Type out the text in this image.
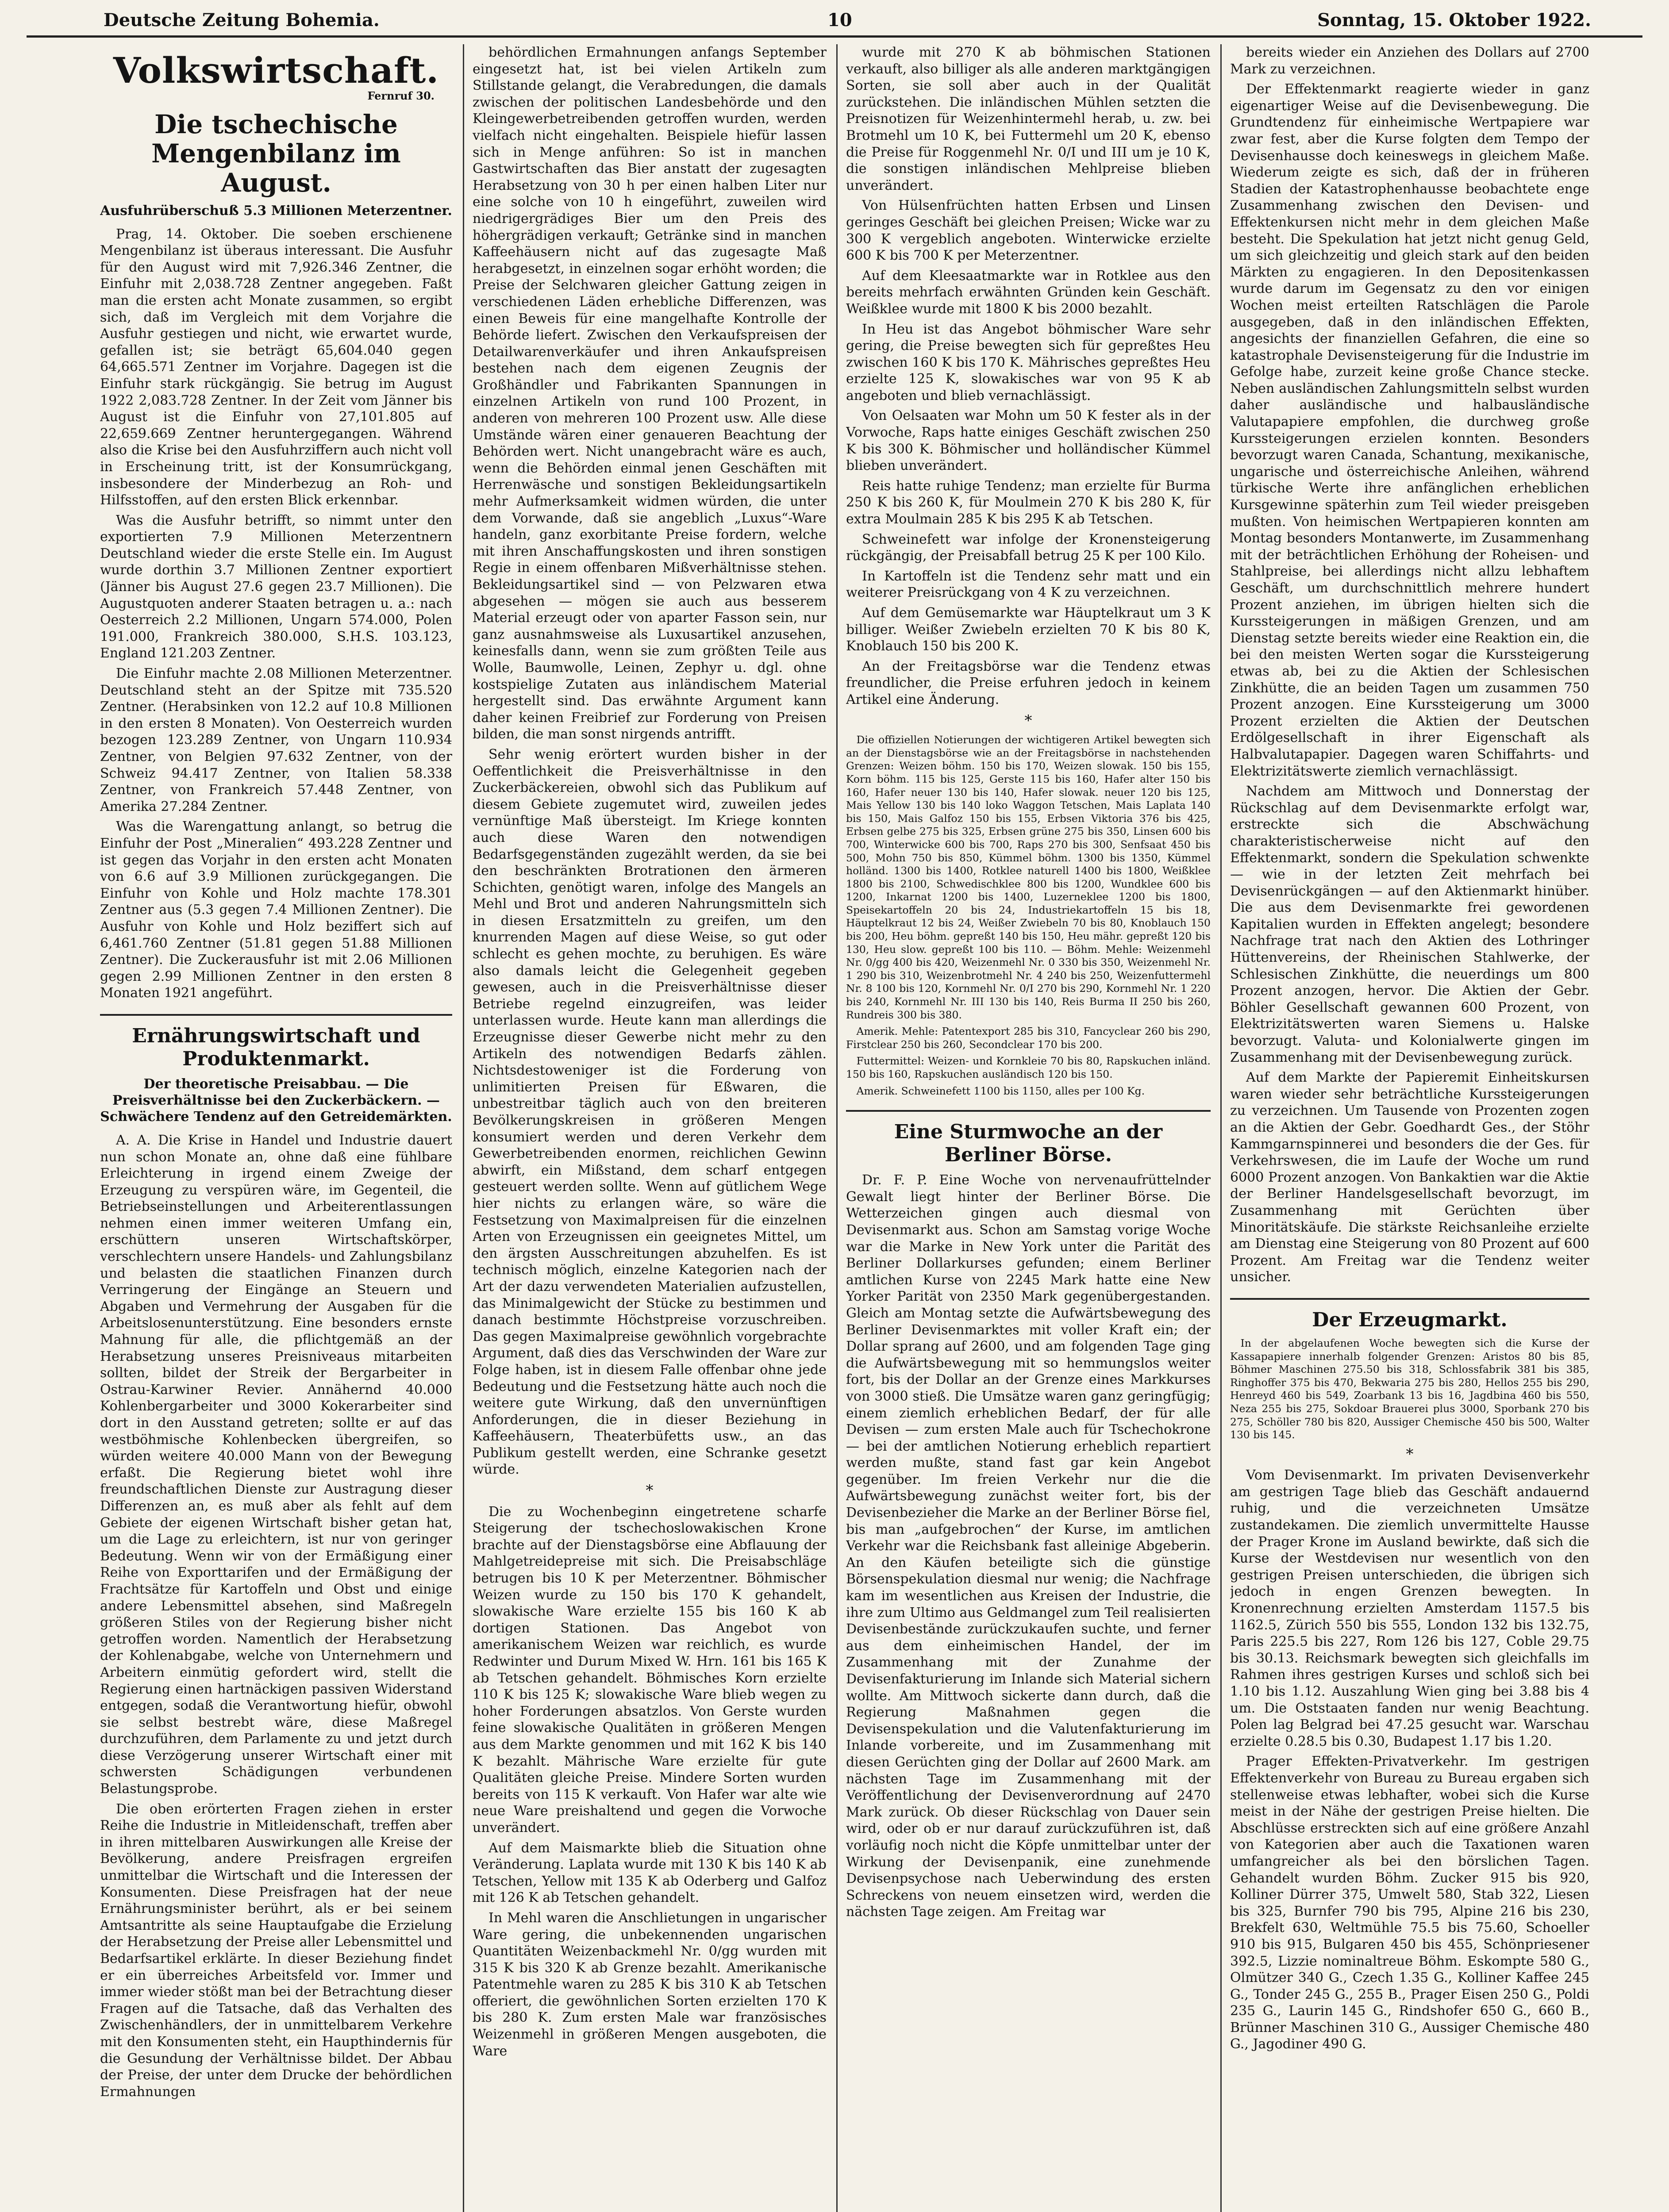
Deutsche Zeitung Bohemia.	10	Sonntag, 15. Oktober 1922.
Volkswirtschaft.
Fernruf 30.
Die tschechische Mengenbilanz im August.
Ausfuhrüberschuß 5.3 Millionen Meterzentner.

Prag, 14. Oktober. Die soeben erschienene Mengenbilanz ist überaus interessant. Die Ausfuhr für den August wird mit 7,926.346 Zentner, die Einfuhr mit 2,038.728 Zentner angegeben. Faßt man die ersten acht Monate zusammen, so ergibt sich, daß im Vergleich mit dem Vorjahre die Ausfuhr gestiegen und nicht, wie erwartet wurde, gefallen ist; sie beträgt 65,604.040 gegen 64,665.571 Zentner im Vorjahre. Dagegen ist die Einfuhr stark rückgängig. Sie betrug im August 1922 2,083.728 Zentner. In der Zeit vom Jänner bis August ist die Einfuhr von 27,101.805 auf 22,659.669 Zentner heruntergegangen. Während also die Krise bei den Ausfuhrziffern auch nicht voll in Erscheinung tritt, ist der Konsumrückgang, insbesondere der Minderbezug an Roh- und Hilfsstoffen, auf den ersten Blick erkennbar.

Was die Ausfuhr betrifft, so nimmt unter den exportierten 7.9 Millionen Meterzentnern Deutschland wieder die erste Stelle ein. Im August wurde dorthin 3.7 Millionen Zentner exportiert (Jänner bis August 27.6 gegen 23.7 Millionen). Die Augustquoten anderer Staaten betragen u. a.: nach Oesterreich 2.2 Millionen, Ungarn 574.000, Polen 191.000, Frankreich 380.000, S.H.S. 103.123, England 121.203 Zentner.

Die Einfuhr machte 2.08 Millionen Meterzentner. Deutschland steht an der Spitze mit 735.520 Zentner. (Herabsinken von 12.2 auf 10.8 Millionen in den ersten 8 Monaten). Von Oesterreich wurden bezogen 123.289 Zentner, von Ungarn 110.934 Zentner, von Belgien 97.632 Zentner, von der Schweiz 94.417 Zentner, von Italien 58.338 Zentner, von Frankreich 57.448 Zentner, von Amerika 27.284 Zentner.

Was die Warengattung anlangt, so betrug die Einfuhr der Post „Mineralien“ 493.228 Zentner und ist gegen das Vorjahr in den ersten acht Monaten von 6.6 auf 3.9 Millionen zurückgegangen. Die Einfuhr von Kohle und Holz machte 178.301 Zentner aus (5.3 gegen 7.4 Millionen Zentner). Die Ausfuhr von Kohle und Holz beziffert sich auf 6,461.760 Zentner (51.81 gegen 51.88 Millionen Zentner). Die Zuckerausfuhr ist mit 2.06 Millionen gegen 2.99 Millionen Zentner in den ersten 8 Monaten 1921 angeführt.

Ernährungswirtschaft und Produktenmarkt.
Der theoretische Preisabbau. — Die Preisverhältnisse bei den Zuckerbäckern. — Schwächere Tendenz auf den Getreidemärkten.

A. A. Die Krise in Handel und Industrie dauert nun schon Monate an, ohne daß eine fühlbare Erleichterung in irgend einem Zweige der Erzeugung zu verspüren wäre, im Gegenteil, die Betriebseinstellungen und Arbeiterentlassungen nehmen einen immer weiteren Umfang ein, erschüttern unseren Wirtschaftskörper, verschlechtern unsere Handels- und Zahlungsbilanz und belasten die staatlichen Finanzen durch Verringerung der Eingänge an Steuern und Abgaben und Vermehrung der Ausgaben für die Arbeitslosenunterstützung. Eine besonders ernste Mahnung für alle, die pflichtgemäß an der Herabsetzung unseres Preisniveaus mitarbeiten sollten, bildet der Streik der Bergarbeiter in Ostrau-Karwiner Revier. Annähernd 40.000 Kohlenbergarbeiter und 3000 Kokerarbeiter sind dort in den Ausstand getreten; sollte er auf das westböhmische Kohlenbecken übergreifen, so würden weitere 40.000 Mann von der Bewegung erfaßt. Die Regierung bietet wohl ihre freundschaftlichen Dienste zur Austragung dieser Differenzen an, es muß aber als fehlt auf dem Gebiete der eigenen Wirtschaft bisher getan hat, um die Lage zu erleichtern, ist nur von geringer Bedeutung. Wenn wir von der Ermäßigung einer Reihe von Exporttarifen und der Ermäßigung der Frachtsätze für Kartoffeln und Obst und einige andere Lebensmittel absehen, sind Maßregeln größeren Stiles von der Regierung bisher nicht getroffen worden. Namentlich der Herabsetzung der Kohlenabgabe, welche von Unternehmern und Arbeitern einmütig gefordert wird, stellt die Regierung einen hartnäckigen passiven Widerstand entgegen, sodaß die Verantwortung hiefür, obwohl sie selbst bestrebt wäre, diese Maßregel durchzuführen, dem Parlamente zu und jetzt durch diese Verzögerung unserer Wirtschaft einer mit schwersten Schädigungen verbundenen Belastungsprobe.

Die oben erörterten Fragen ziehen in erster Reihe die Industrie in Mitleidenschaft, treffen aber in ihren mittelbaren Auswirkungen alle Kreise der Bevölkerung, andere Preisfragen ergreifen unmittelbar die Wirtschaft und die Interessen der Konsumenten. Diese Preisfragen hat der neue Ernährungsminister berührt, als er bei seinem Amtsantritte als seine Hauptaufgabe die Erzielung der Herabsetzung der Preise aller Lebensmittel und Bedarfsartikel erklärte. In dieser Beziehung findet er ein überreiches Arbeitsfeld vor. Immer und immer wieder stößt man bei der Betrachtung dieser Fragen auf die Tatsache, daß das Verhalten des Zwischenhändlers, der in unmittelbarem Verkehre mit den Konsumenten steht, ein Haupthindernis für die Gesundung der Verhältnisse bildet. Der Abbau der Preise, der unter dem Drucke der behördlichen Ermahnungen

behördlichen Ermahnungen anfangs September eingesetzt hat, ist bei vielen Artikeln zum Stillstande gelangt, die Verabredungen, die damals zwischen der politischen Landesbehörde und den Kleingewerbetreibenden getroffen wurden, werden vielfach nicht eingehalten. Beispiele hiefür lassen sich in Menge anführen: So ist in manchen Gastwirtschaften das Bier anstatt der zugesagten Herabsetzung von 30 h per einen halben Liter nur eine solche von 10 h eingeführt, zuweilen wird niedrigergrädiges Bier um den Preis des höhergrädigen verkauft; Getränke sind in manchen Kaffeehäusern nicht auf das zugesagte Maß herabgesetzt, in einzelnen sogar erhöht worden; die Preise der Selchwaren gleicher Gattung zeigen in verschiedenen Läden erhebliche Differenzen, was einen Beweis für eine mangelhafte Kontrolle der Behörde liefert. Zwischen den Verkaufspreisen der Detailwarenverkäufer und ihren Ankaufspreisen bestehen nach dem eigenen Zeugnis der Großhändler und Fabrikanten Spannungen in einzelnen Artikeln von rund 100 Prozent, in anderen von mehreren 100 Prozent usw. Alle diese Umstände wären einer genaueren Beachtung der Behörden wert. Nicht unangebracht wäre es auch, wenn die Behörden einmal jenen Geschäften mit Herrenwäsche und sonstigen Bekleidungsartikeln mehr Aufmerksamkeit widmen würden, die unter dem Vorwande, daß sie angeblich „Luxus“-Ware handeln, ganz exorbitante Preise fordern, welche mit ihren Anschaffungskosten und ihren sonstigen Regie in einem offenbaren Mißverhältnisse stehen. Bekleidungsartikel sind — von Pelzwaren etwa abgesehen — mögen sie auch aus besserem Material erzeugt oder von aparter Fasson sein, nur ganz ausnahmsweise als Luxusartikel anzusehen, keinesfalls dann, wenn sie zum größten Teile aus Wolle, Baumwolle, Leinen, Zephyr u. dgl. ohne kostspielige Zutaten aus inländischem Material hergestellt sind. Das erwähnte Argument kann daher keinen Freibrief zur Forderung von Preisen bilden, die man sonst nirgends antrifft.

Sehr wenig erörtert wurden bisher in der Oeffentlichkeit die Preisverhältnisse in den Zuckerbäckereien, obwohl sich das Publikum auf diesem Gebiete zugemutet wird, zuweilen jedes vernünftige Maß übersteigt. Im Kriege konnten auch diese Waren den notwendigen Bedarfsgegenständen zugezählt werden, da sie bei den beschränkten Brotrationen den ärmeren Schichten, genötigt waren, infolge des Mangels an Mehl und Brot und anderen Nahrungsmitteln sich in diesen Ersatzmitteln zu greifen, um den knurrenden Magen auf diese Weise, so gut oder schlecht es gehen mochte, zu beruhigen. Es wäre also damals leicht die Gelegenheit gegeben gewesen, auch in die Preisverhältnisse dieser Betriebe regelnd einzugreifen, was leider unterlassen wurde. Heute kann man allerdings die Erzeugnisse dieser Gewerbe nicht mehr zu den Artikeln des notwendigen Bedarfs zählen. Nichtsdestoweniger ist die Forderung von unlimitierten Preisen für Eßwaren, die unbestreitbar täglich auch von den breiteren Bevölkerungskreisen in größeren Mengen konsumiert werden und deren Verkehr dem Gewerbetreibenden enormen, reichlichen Gewinn abwirft, ein Mißstand, dem scharf entgegen gesteuert werden sollte. Wenn auf gütlichem Wege hier nichts zu erlangen wäre, so wäre die Festsetzung von Maximalpreisen für die einzelnen Arten von Erzeugnissen ein geeignetes Mittel, um den ärgsten Ausschreitungen abzuhelfen. Es ist technisch möglich, einzelne Kategorien nach der Art der dazu verwendeten Materialien aufzustellen, das Minimalgewicht der Stücke zu bestimmen und danach bestimmte Höchstpreise vorzuschreiben. Das gegen Maximalpreise gewöhnlich vorgebrachte Argument, daß dies das Verschwinden der Ware zur Folge haben, ist in diesem Falle offenbar ohne jede Bedeutung und die Festsetzung hätte auch noch die weitere gute Wirkung, daß den unvernünftigen Anforderungen, die in dieser Beziehung in Kaffeehäusern, Theaterbüfetts usw., an das Publikum gestellt werden, eine Schranke gesetzt würde.

*

Die zu Wochenbeginn eingetretene scharfe Steigerung der tschechoslowakischen Krone brachte auf der Dienstagsbörse eine Abflauung der Mahlgetreidepreise mit sich. Die Preisabschläge betrugen bis 10 K per Meterzentner. Böhmischer Weizen wurde zu 150 bis 170 K gehandelt, slowakische Ware erzielte 155 bis 160 K ab dortigen Stationen. Das Angebot von amerikanischem Weizen war reichlich, es wurde Redwinter und Durum Mixed W. Hrn. 161 bis 165 K ab Tetschen gehandelt. Böhmisches Korn erzielte 110 K bis 125 K; slowakische Ware blieb wegen zu hoher Forderungen absatzlos. Von Gerste wurden feine slowakische Qualitäten in größeren Mengen aus dem Markte genommen und mit 162 K bis 140 K bezahlt. Mährische Ware erzielte für gute Qualitäten gleiche Preise. Mindere Sorten wurden bereits von 115 K verkauft. Von Hafer war alte wie neue Ware preishaltend und gegen die Vorwoche unverändert.

Auf dem Maismarkte blieb die Situation ohne Veränderung. Laplata wurde mit 130 K bis 140 K ab Tetschen, Yellow mit 135 K ab Oderberg und Galfoz mit 126 K ab Tetschen gehandelt.

In Mehl waren die Anschlietungen in ungarischer Ware gering, die unbekennenden ungarischen Quantitäten Weizenbackmehl Nr. 0/gg wurden mit 315 K bis 320 K ab Grenze bezahlt. Amerikanische Patentmehle waren zu 285 K bis 310 K ab Tetschen offeriert, die gewöhnlichen Sorten erzielten 170 K bis 280 K. Zum ersten Male war französisches Weizenmehl in größeren Mengen ausgeboten, die Ware

wurde mit 270 K ab böhmischen Stationen verkauft, also billiger als alle anderen marktgängigen Sorten, sie soll aber auch in der Qualität zurückstehen. Die inländischen Mühlen setzten die Preisnotizen für Weizenhintermehl herab, u. zw. bei Brotmehl um 10 K, bei Futtermehl um 20 K, ebenso die Preise für Roggenmehl Nr. 0/I und III um je 10 K, die sonstigen inländischen Mehlpreise blieben unverändert.

Von Hülsenfrüchten hatten Erbsen und Linsen geringes Geschäft bei gleichen Preisen; Wicke war zu 300 K vergeblich angeboten. Winterwicke erzielte 600 K bis 700 K per Meterzentner.

Auf dem Kleesaatmarkte war in Rotklee aus den bereits mehrfach erwähnten Gründen kein Geschäft. Weißklee wurde mit 1800 K bis 2000 bezahlt.

In Heu ist das Angebot böhmischer Ware sehr gering, die Preise bewegten sich für gepreßtes Heu zwischen 160 K bis 170 K. Mährisches gepreßtes Heu erzielte 125 K, slowakisches war von 95 K ab angeboten und blieb vernachlässigt.

Von Oelsaaten war Mohn um 50 K fester als in der Vorwoche, Raps hatte einiges Geschäft zwischen 250 K bis 300 K. Böhmischer und holländischer Kümmel blieben unverändert.

Reis hatte ruhige Tendenz; man erzielte für Burma 250 K bis 260 K, für Moulmein 270 K bis 280 K, für extra Moulmain 285 K bis 295 K ab Tetschen.

Schweinefett war infolge der Kronensteigerung rückgängig, der Preisabfall betrug 25 K per 100 Kilo.

In Kartoffeln ist die Tendenz sehr matt und ein weiterer Preisrückgang von 4 K zu verzeichnen.

Auf dem Gemüsemarkte war Häuptelkraut um 3 K billiger. Weißer Zwiebeln erzielten 70 K bis 80 K, Knoblauch 150 bis 200 K.

An der Freitagsbörse war die Tendenz etwas freundlicher, die Preise erfuhren jedoch in keinem Artikel eine Änderung.

*

Die offiziellen Notierungen der wichtigeren Artikel bewegten sich an der Dienstagsbörse wie an der Freitagsbörse in nachstehenden Grenzen: Weizen böhm. 150 bis 170, Weizen slowak. 150 bis 155, Korn böhm. 115 bis 125, Gerste 115 bis 160, Hafer alter 150 bis 160, Hafer neuer 130 bis 140, Hafer slowak. neuer 120 bis 125, Mais Yellow 130 bis 140 loko Waggon Tetschen, Mais Laplata 140 bis 150, Mais Galfoz 150 bis 155, Erbsen Viktoria 376 bis 425, Erbsen gelbe 275 bis 325, Erbsen grüne 275 bis 350, Linsen 600 bis 700, Winterwicke 600 bis 700, Raps 270 bis 300, Senfsaat 450 bis 500, Mohn 750 bis 850, Kümmel böhm. 1300 bis 1350, Kümmel holländ. 1300 bis 1400, Rotklee naturell 1400 bis 1800, Weißklee 1800 bis 2100, Schwedischklee 800 bis 1200, Wundklee 600 bis 1200, Inkarnat 1200 bis 1400, Luzerneklee 1200 bis 1800, Speisekartoffeln 20 bis 24, Industriekartoffeln 15 bis 18, Häuptelkraut 12 bis 24, Weißer Zwiebeln 70 bis 80, Knoblauch 150 bis 200, Heu böhm. gepreßt 140 bis 150, Heu mähr. gepreßt 120 bis 130, Heu slow. gepreßt 100 bis 110. — Böhm. Mehle: Weizenmehl Nr. 0/gg 400 bis 420, Weizenmehl Nr. 0 330 bis 350, Weizenmehl Nr. 1 290 bis 310, Weizenbrotmehl Nr. 4 240 bis 250, Weizenfuttermehl Nr. 8 100 bis 120, Kornmehl Nr. 0/I 270 bis 290, Kornmehl Nr. 1 220 bis 240, Kornmehl Nr. III 130 bis 140, Reis Burma II 250 bis 260, Rundreis 300 bis 380.

Amerik. Mehle: Patentexport 285 bis 310, Fancyclear 260 bis 290, Firstclear 250 bis 260, Secondclear 170 bis 200.

Futtermittel: Weizen- und Kornkleie 70 bis 80, Rapskuchen inländ. 150 bis 160, Rapskuchen ausländisch 120 bis 150.

Amerik. Schweinefett 1100 bis 1150, alles per 100 Kg.

Eine Sturmwoche an der Berliner Börse.

Dr. F. P. Eine Woche von nervenaufrüttelnder Gewalt liegt hinter der Berliner Börse. Die Wetterzeichen gingen auch diesmal von Devisenmarkt aus. Schon am Samstag vorige Woche war die Marke in New York unter die Parität des Berliner Dollarkurses gefunden; einem Berliner amtlichen Kurse von 2245 Mark hatte eine New Yorker Parität von 2350 Mark gegenübergestanden. Gleich am Montag setzte die Aufwärtsbewegung des Berliner Devisenmarktes mit voller Kraft ein; der Dollar sprang auf 2600, und am folgenden Tage ging die Aufwärtsbewegung mit so hemmungslos weiter fort, bis der Dollar an der Grenze eines Markkurses von 3000 stieß. Die Umsätze waren ganz geringfügig; einem ziemlich erheblichen Bedarf, der für alle Devisen — zum ersten Male auch für Tschechokrone — bei der amtlichen Notierung erheblich repartiert werden mußte, stand fast gar kein Angebot gegenüber. Im freien Verkehr nur die die Aufwärtsbewegung zunächst weiter fort, bis der Devisenbezieher die Marke an der Berliner Börse fiel, bis man „aufgebrochen“ der Kurse, im amtlichen Verkehr war die Reichsbank fast alleinige Abgeberin. An den Käufen beteiligte sich die günstige Börsenspekulation diesmal nur wenig; die Nachfrage kam im wesentlichen aus Kreisen der Industrie, die ihre zum Ultimo aus Geldmangel zum Teil realisierten Devisenbestände zurückzukaufen suchte, und ferner aus dem einheimischen Handel, der im Zusammenhang mit der Zunahme der Devisenfakturierung im Inlande sich Material sichern wollte. Am Mittwoch sickerte dann durch, daß die Regierung Maßnahmen gegen die Devisenspekulation und die Valutenfakturierung im Inlande vorbereite, und im Zusammenhang mit diesen Gerüchten ging der Dollar auf 2600 Mark. am nächsten Tage im Zusammenhang mit der Veröffentlichung der Devisenverordnung auf 2470 Mark zurück. Ob dieser Rückschlag von Dauer sein wird, oder ob er nur darauf zurückzuführen ist, daß vorläufig noch nicht die Köpfe unmittelbar unter der Wirkung der Devisenpanik, eine zunehmende Devisenpsychose nach Ueberwindung des ersten Schreckens von neuem einsetzen wird, werden die nächsten Tage zeigen. Am Freitag war

bereits wieder ein Anziehen des Dollars auf 2700 Mark zu verzeichnen.

Der Effektenmarkt reagierte wieder in ganz eigenartiger Weise auf die Devisenbewegung. Die Grundtendenz für einheimische Wertpapiere war zwar fest, aber die Kurse folgten dem Tempo der Devisenhausse doch keineswegs in gleichem Maße. Wiederum zeigte es sich, daß der in früheren Stadien der Katastrophenhausse beobachtete enge Zusammenhang zwischen den Devisen- und Effektenkursen nicht mehr in dem gleichen Maße besteht. Die Spekulation hat jetzt nicht genug Geld, um sich gleichzeitig und gleich stark auf den beiden Märkten zu engagieren. In den Depositenkassen wurde darum im Gegensatz zu den vor einigen Wochen meist erteilten Ratschlägen die Parole ausgegeben, daß in den inländischen Effekten, angesichts der finanziellen Gefahren, die eine so katastrophale Devisensteigerung für die Industrie im Gefolge habe, zurzeit keine große Chance stecke. Neben ausländischen Zahlungsmitteln selbst wurden daher ausländische und halbausländische Valutapapiere empfohlen, die durchweg große Kurssteigerungen erzielen konnten. Besonders bevorzugt waren Canada, Schantung, mexikanische, ungarische und österreichische Anleihen, während türkische Werte ihre anfänglichen erheblichen Kursgewinne späterhin zum Teil wieder preisgeben mußten. Von heimischen Wertpapieren konnten am Montag besonders Montanwerte, im Zusammenhang mit der beträchtlichen Erhöhung der Roheisen- und Stahlpreise, bei allerdings nicht allzu lebhaftem Geschäft, um durchschnittlich mehrere hundert Prozent anziehen, im übrigen hielten sich die Kurssteigerungen in mäßigen Grenzen, und am Dienstag setzte bereits wieder eine Reaktion ein, die bei den meisten Werten sogar die Kurssteigerung etwas ab, bei zu die Aktien der Schlesischen Zinkhütte, die an beiden Tagen um zusammen 750 Prozent anzogen. Eine Kurssteigerung um 3000 Prozent erzielten die Aktien der Deutschen Erdölgesellschaft in ihrer Eigenschaft als Halbvalutapapier. Dagegen waren Schiffahrts- und Elektrizitätswerte ziemlich vernachlässigt.

Nachdem am Mittwoch und Donnerstag der Rückschlag auf dem Devisenmarkte erfolgt war, erstreckte sich die Abschwächung charakteristischerweise nicht auf den Effektenmarkt, sondern die Spekulation schwenkte — wie in der letzten Zeit mehrfach bei Devisenrückgängen — auf den Aktienmarkt hinüber. Die aus dem Devisenmarkte frei gewordenen Kapitalien wurden in Effekten angelegt; besondere Nachfrage trat nach den Aktien des Lothringer Hüttenvereins, der Rheinischen Stahlwerke, der Schlesischen Zinkhütte, die neuerdings um 800 Prozent anzogen, hervor. Die Aktien der Gebr. Böhler Gesellschaft gewannen 600 Prozent, von Elektrizitätswerten waren Siemens u. Halske bevorzugt. Valuta- und Kolonialwerte gingen im Zusammenhang mit der Devisenbewegung zurück.

Auf dem Markte der Papieremit Einheitskursen waren wieder sehr beträchtliche Kurssteigerungen zu verzeichnen. Um Tausende von Prozenten zogen an die Aktien der Gebr. Goedhardt Ges., der Stöhr Kammgarnspinnerei und besonders die der Ges. für Verkehrswesen, die im Laufe der Woche um rund 6000 Prozent anzogen. Von Bankaktien war die Aktie der Berliner Handelsgesellschaft bevorzugt, im Zusammenhang mit Gerüchten über Minoritätskäufe. Die stärkste Reichsanleihe erzielte am Dienstag eine Steigerung von 80 Prozent auf 600 Prozent. Am Freitag war die Tendenz weiter unsicher.

Der Erzeugmarkt.

In der abgelaufenen Woche bewegten sich die Kurse der Kassapapiere innerhalb folgender Grenzen: Aristos 80 bis 85, Böhmer Maschinen 275.50 bis 318, Schlossfabrik 381 bis 385, Ringhoffer 375 bis 470, Bekwaria 275 bis 280, Hellos 255 bis 290, Henreyd 460 bis 549, Zoarbank 13 bis 16, Jagdbina 460 bis 550, Neza 255 bis 275, Sokdoar Brauerei plus 3000, Sporbank 270 bis 275, Schöller 780 bis 820, Aussiger Chemische 450 bis 500, Walter 130 bis 145.

*

Vom Devisenmarkt. Im privaten Devisenverkehr am gestrigen Tage blieb das Geschäft andauernd ruhig, und die verzeichneten Umsätze zustandekamen. Die ziemlich unvermittelte Hausse der Prager Krone im Ausland bewirkte, daß sich die Kurse der Westdevisen nur wesentlich von den gestrigen Preisen unterschieden, die übrigen sich jedoch in engen Grenzen bewegten. In Kronenrechnung erzielten Amsterdam 1157.5 bis 1162.5, Zürich 550 bis 555, London 132 bis 132.75, Paris 225.5 bis 227, Rom 126 bis 127, Coble 29.75 bis 30.13. Reichsmark bewegten sich gleichfalls im Rahmen ihres gestrigen Kurses und schloß sich bei 1.10 bis 1.12. Auszahlung Wien ging bei 3.88 bis 4 um. Die Oststaaten fanden nur wenig Beachtung. Polen lag Belgrad bei 47.25 gesucht war. Warschau erzielte 0.28.5 bis 0.30, Budapest 1.17 bis 1.20.

Prager Effekten-Privatverkehr. Im gestrigen Effektenverkehr von Bureau zu Bureau ergaben sich stellenweise etwas lebhafter, wobei sich die Kurse meist in der Nähe der gestrigen Preise hielten. Die Abschlüsse erstreckten sich auf eine größere Anzahl von Kategorien aber auch die Taxationen waren umfangreicher als bei den börslichen Tagen. Gehandelt wurden Böhm. Zucker 915 bis 920, Kolliner Dürrer 375, Umwelt 580, Stab 322, Liesen bis 325, Burnfer 790 bis 795, Alpine 216 bis 230, Brekfelt 630, Weltmühle 75.5 bis 75.60, Schoeller 910 bis 915, Bulgaren 450 bis 455, Schönpriesener 392.5, Lizzie nominaltreue Böhm. Eskompte 580 G., Olmützer 340 G., Czech 1.35 G., Kolliner Kaffee 245 G., Tonder 245 G., 255 B., Prager Eisen 250 G., Poldi 235 G., Laurin 145 G., Rindshofer 650 G., 660 B., Brünner Maschinen 310 G., Aussiger Chemische 480 G., Jagodiner 490 G.
